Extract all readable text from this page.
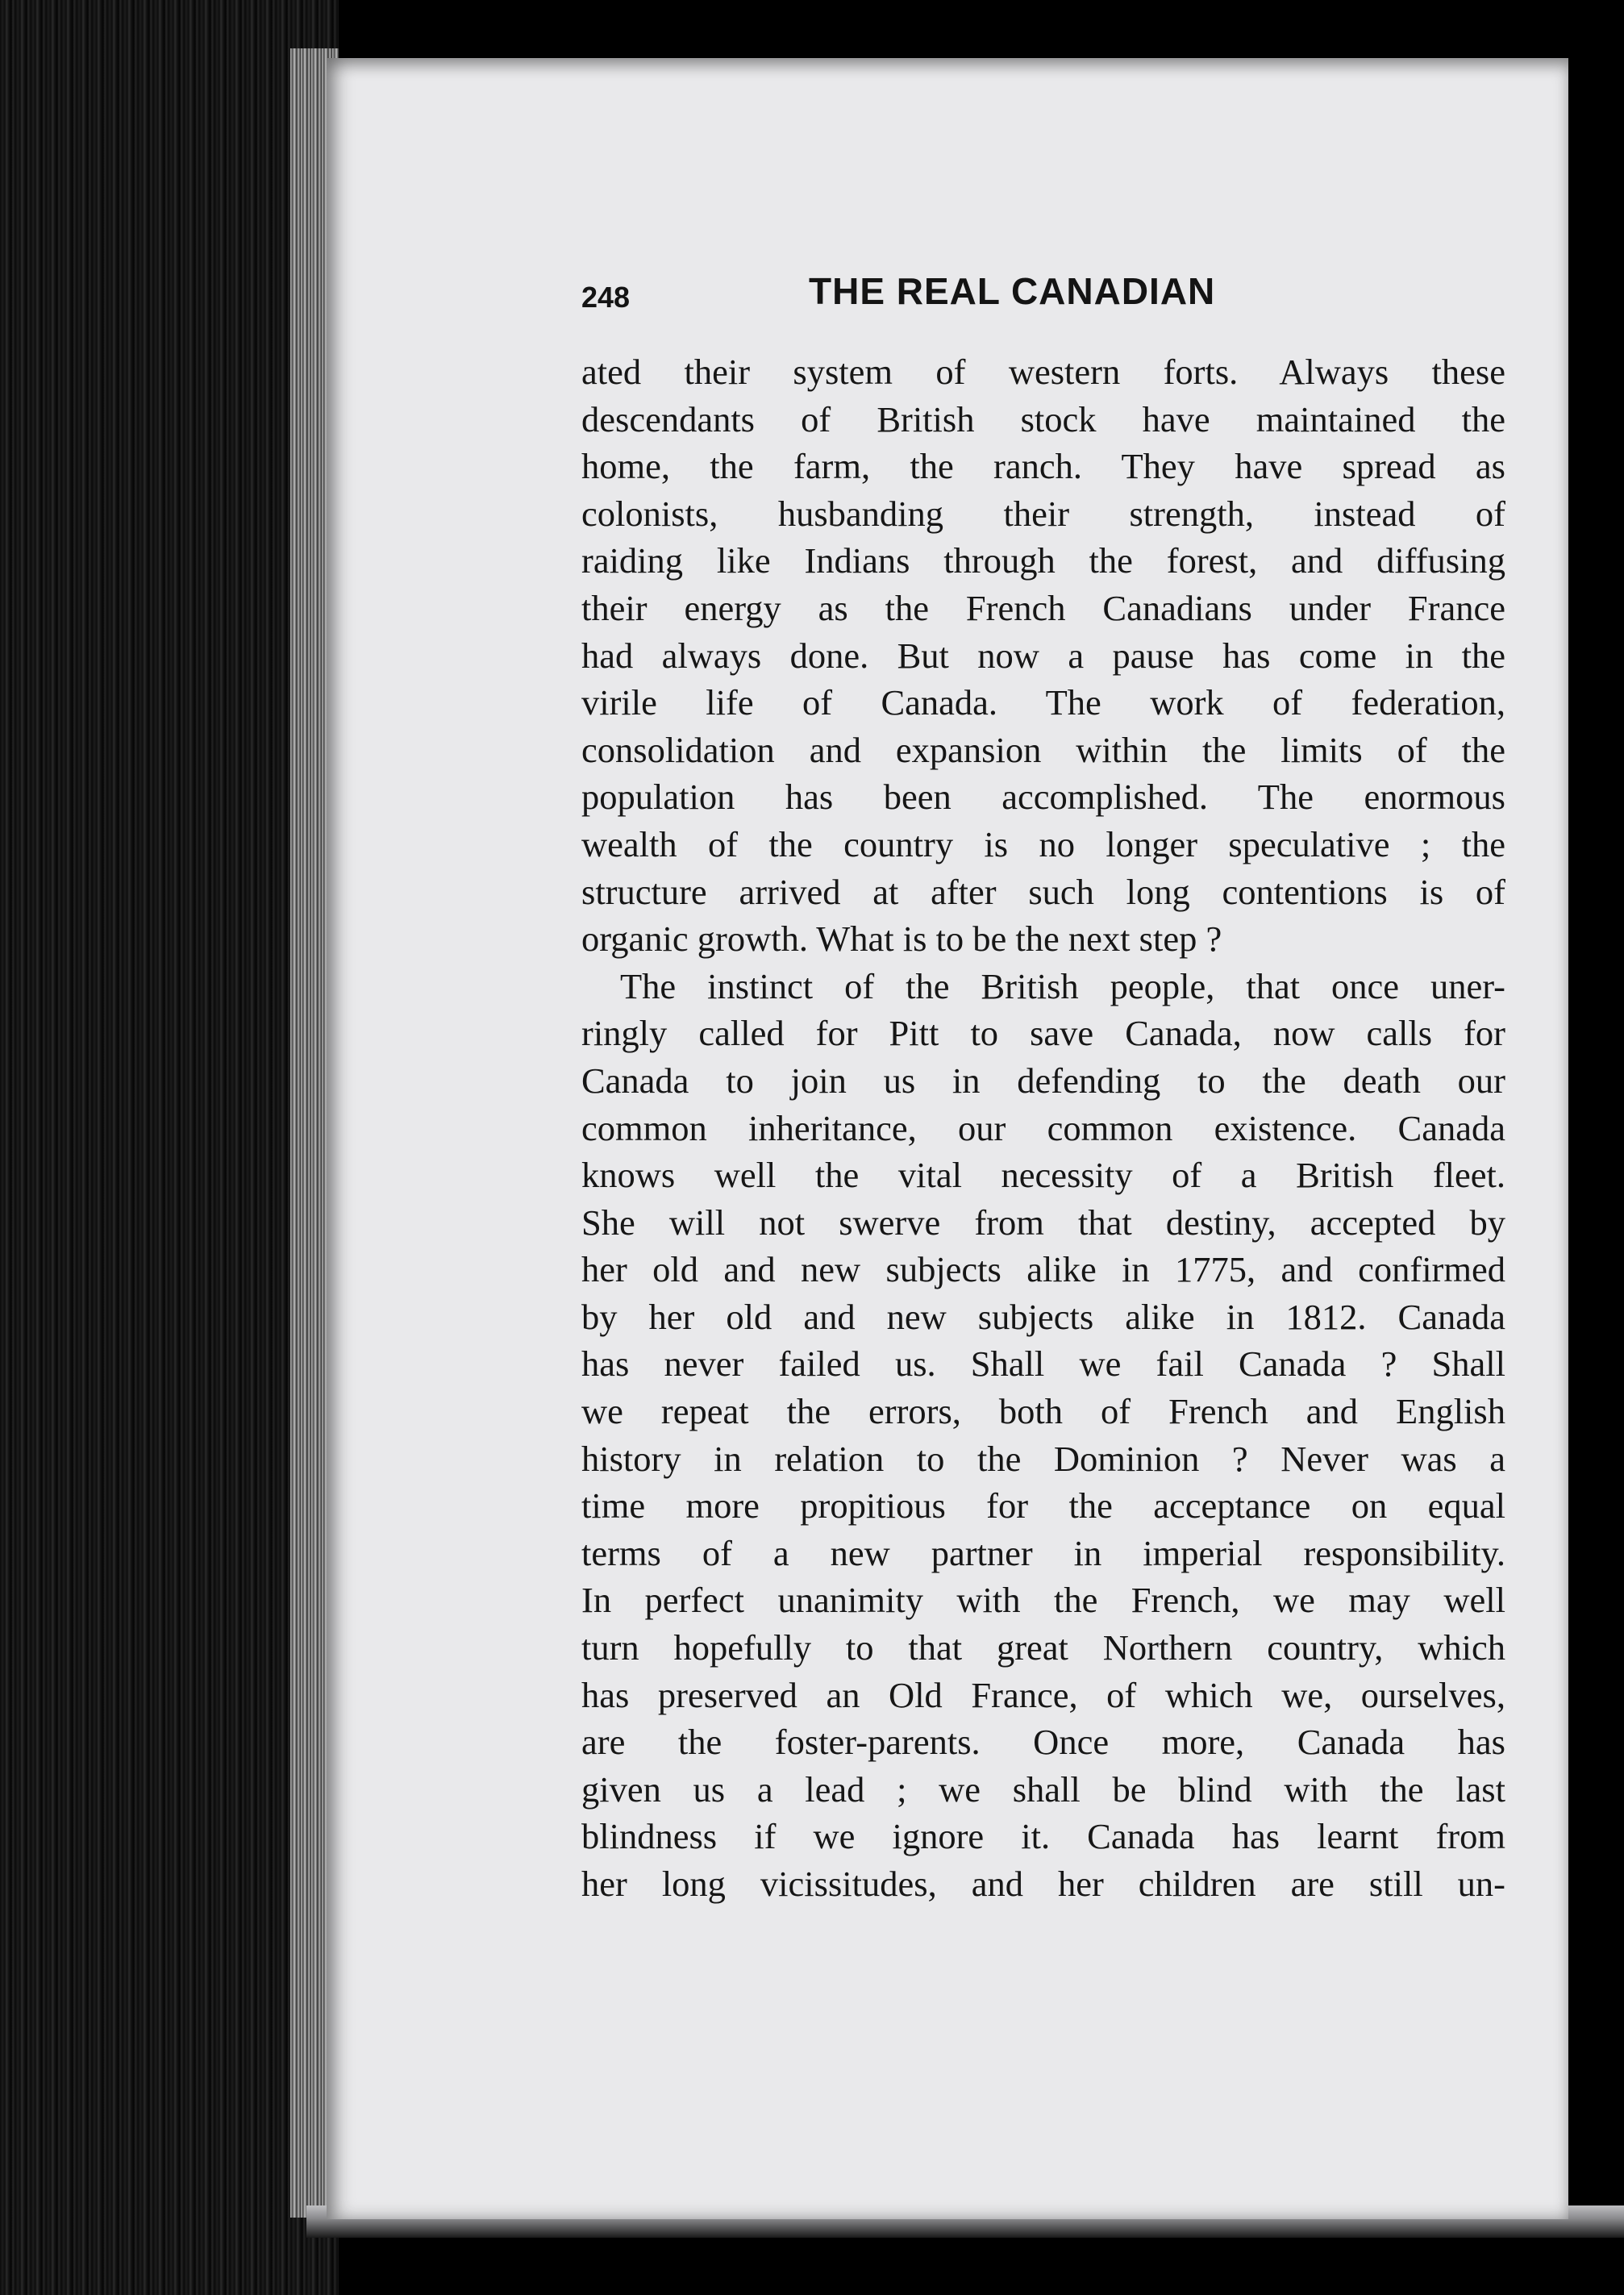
248	THE REAL CANADIAN
ated their system of western forts. Always these
descendants of British stock have maintained the
home, the farm, the ranch. They have spread as
colonists, husbanding their strength, instead of
raiding like Indians through the forest, and diffusing
their energy as the French Canadians under France
had always done. But now a pause has come in the
virile life of Canada. The work of federation,
consolidation and expansion within the limits of the
population has been accomplished. The enormous
wealth of the country is no longer speculative ; the
structure arrived at after such long contentions is of
organic growth. What is to be the next step ?
The instinct of the British people, that once uner-
ringly called for Pitt to save Canada, now calls for
Canada to join us in defending to the death our
common inheritance, our common existence. Canada
knows well the vital necessity of a British fleet.
She will not swerve from that destiny, accepted by
her old and new subjects alike in 1775, and confirmed
by her old and new subjects alike in 1812. Canada
has never failed us. Shall we fail Canada ? Shall
we repeat the errors, both of French and English
history in relation to the Dominion ? Never was a
time more propitious for the acceptance on equal
terms of a new partner in imperial responsibility.
In perfect unanimity with the French, we may well
turn hopefully to that great Northern country, which
has preserved an Old France, of which we, ourselves,
are the foster-parents. Once more, Canada has
given us a lead ; we shall be blind with the last
blindness if we ignore it. Canada has learnt from
her long vicissitudes, and her children are still un-
